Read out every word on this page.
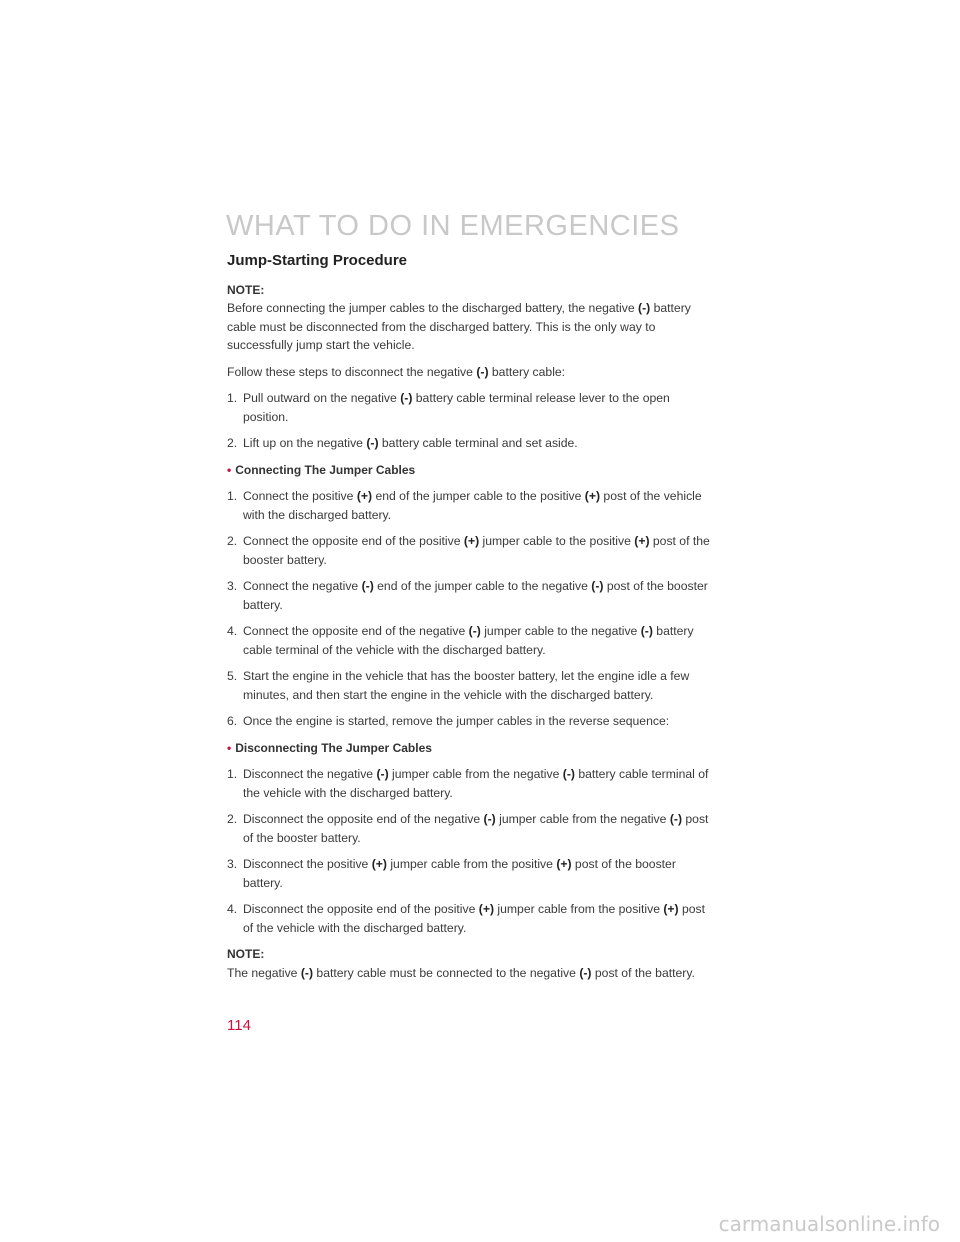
WHAT TO DO IN EMERGENCIES
Jump-Starting Procedure
NOTE:

Before connecting the jumper cables to the discharged battery, the negative (-) battery cable must be disconnected from the discharged battery. This is the only way to successfully jump start the vehicle.

Follow these steps to disconnect the negative (-) battery cable:

1. Pull outward on the negative (-) battery cable terminal release lever to the open position.
2. Lift up on the negative (-) battery cable terminal and set aside.
• Connecting The Jumper Cables
1. Connect the positive (+) end of the jumper cable to the positive (+) post of the vehicle with the discharged battery.
2. Connect the opposite end of the positive (+) jumper cable to the positive (+) post of the booster battery.
3. Connect the negative (-) end of the jumper cable to the negative (-) post of the booster battery.
4. Connect the opposite end of the negative (-) jumper cable to the negative (-) battery cable terminal of the vehicle with the discharged battery.
5. Start the engine in the vehicle that has the booster battery, let the engine idle a few minutes, and then start the engine in the vehicle with the discharged battery.
6. Once the engine is started, remove the jumper cables in the reverse sequence:
• Disconnecting The Jumper Cables
1. Disconnect the negative (-) jumper cable from the negative (-) battery cable terminal of the vehicle with the discharged battery.
2. Disconnect the opposite end of the negative (-) jumper cable from the negative (-) post of the booster battery.
3. Disconnect the positive (+) jumper cable from the positive (+) post of the booster battery.
4. Disconnect the opposite end of the positive (+) jumper cable from the positive (+) post of the vehicle with the discharged battery.
NOTE:

The negative (-) battery cable must be connected to the negative (-) post of the battery.

114
carmanualsonline.info
